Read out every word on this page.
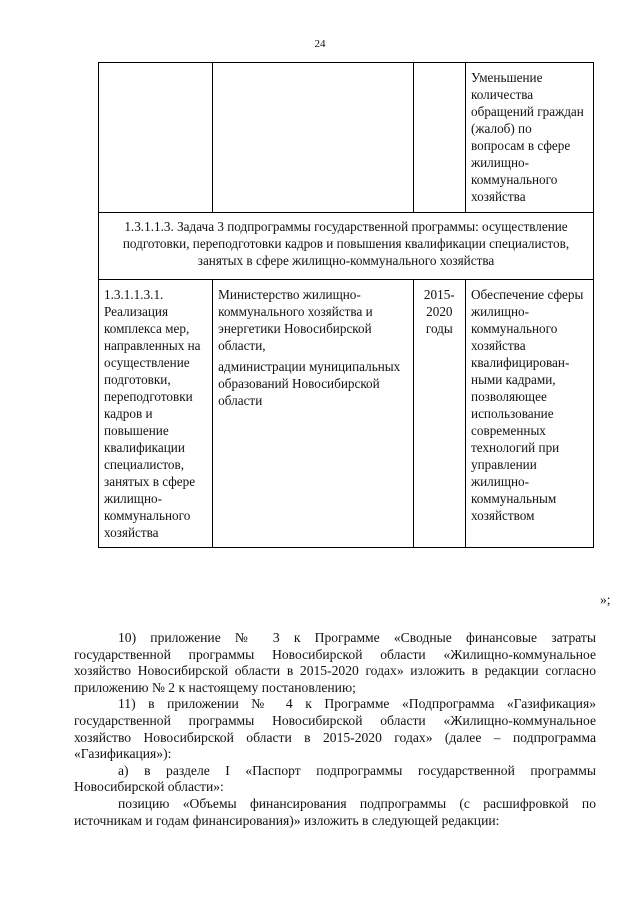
24
			Уменьшение количества обращений граждан (жалоб) по вопросам в сфере жилищно-коммунального хозяйства
1.3.1.1.3. Задача 3 подпрограммы государственной программы: осуществление подготовки, переподготовки кадров и повышения квалификации специалистов, занятых в сфере жилищно-коммунального хозяйства			
1.3.1.1.3.1. Реализация комплекса мер, направленных на осуществление подготовки, переподготовки кадров и повышение квалификации специалистов, занятых в сфере жилищно-коммунального хозяйства	Министерство жилищно-коммунального хозяйства и энергетики Новосибирской области,
администрации муниципальных образований Новосибирской области	2015-2020 годы	Обеспечение сферы жилищно-коммунального хозяйства квалифицирован-ными кадрами, позволяющее использование современных технологий при управлении жилищно-коммунальным хозяйством
»;

10) приложение № 3 к Программе «Сводные финансовые затраты государственной программы Новосибирской области «Жилищно-коммунальное хозяйство Новосибирской области в 2015-2020 годах» изложить в редакции согласно приложению № 2 к настоящему постановлению;

11) в приложении № 4 к Программе «Подпрограмма «Газификация» государственной программы Новосибирской области «Жилищно-коммунальное хозяйство Новосибирской области в 2015-2020 годах» (далее – подпрограмма «Газификация»):

а) в разделе I «Паспорт подпрограммы государственной программы Новосибирской области»:

позицию «Объемы финансирования подпрограммы (с расшифровкой по источникам и годам финансирования)» изложить в следующей редакции:
